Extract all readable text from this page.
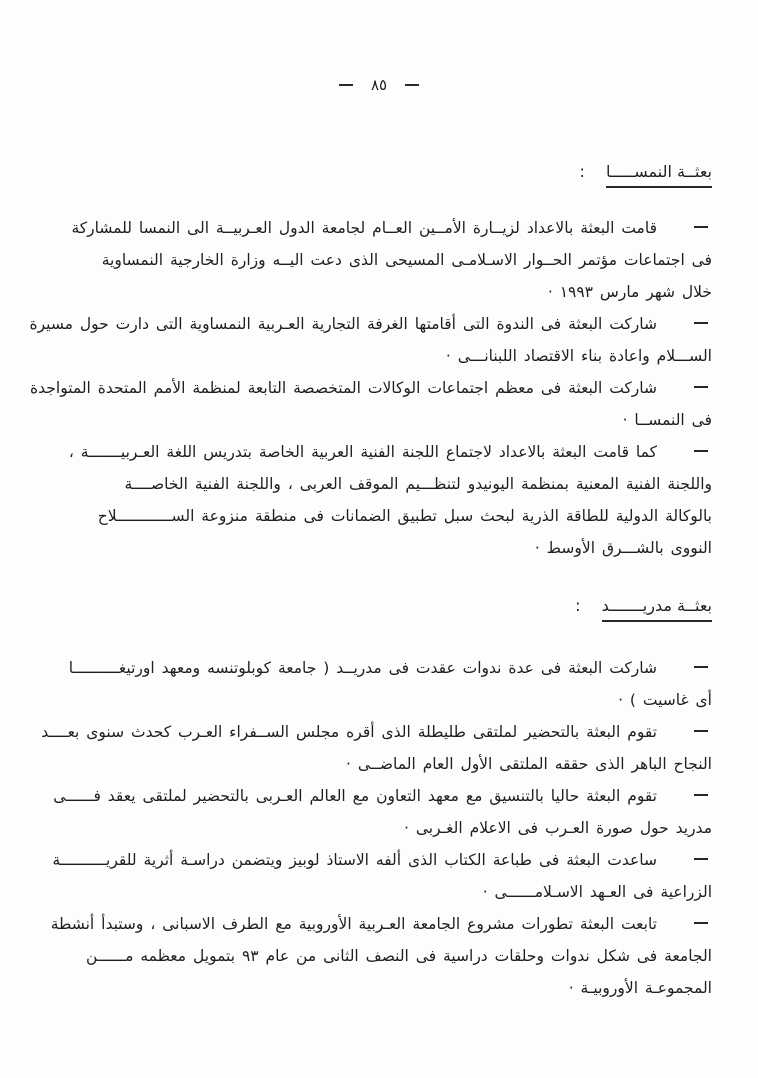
٨٥
بعثــة النمســـــا :
قامت البعثة بالاعداد لزيــارة الأمــين العــام لجامعة الدول العـربيــة الى النمسا للمشاركة
فى اجتماعات مؤتمر الحــوار الاسـلامـى المسيحى الذى دعت اليــه وزارة الخارجية النمساوية
خلال شهر مارس ١٩٩٣ ·
شاركت البعثة فى الندوة التى أقامتها الغرفة التجارية العـربية النمساوية التى دارت حول مسيرة
الســـلام واعادة بناء الاقتصاد اللبنانـــى ·
شاركت البعثة فى معظم اجتماعات الوكالات المتخصصة التابعة لمنظمة الأمم المتحدة المتواجدة
فى النمســا ·
كما قامت البعثة بالاعداد لاجتماع اللجنة الفنية العربية الخاصة بتدريس اللغة العـربيـــــــة ،
واللجنة الفنية المعنية بمنظمة اليونيدو لتنظـــيم الموقف العربى ، واللجنة الفنية الخاصــــة
بالوكالة الدولية للطاقة الذرية لبحث سبل تطبيق الضمانات فى منطقة منزوعة الســــــــــــلاح
النووى بالشـــرق الأوسط ·
بعثــة مدريـــــــد :
شاركت البعثة فى عدة ندوات عقدت فى مدريــد ( جامعة كوبلوتنسه ومعهد اورتيغــــــــــا
أى غاسيت ) ·
تقوم البعثة بالتحضير لملتقى طليطلة الذى أقره مجلس الســفراء العـرب كحدث سنوى بعــــد
النجاح الباهر الذى حققه الملتقى الأول العام الماضــى ·
تقوم البعثة حاليا بالتنسيق مع معهد التعاون مع العالم العـربى بالتحضير لملتقى يعقد فــــــى
مدريد حول صورة العـرب فى الاعلام الغـربى ·
ساعدت البعثة فى طباعة الكتاب الذى ألفه الاستاذ لوبيز ويتضمن دراسـة أثرية للقريــــــــــة
الزراعية فى العـهد الاسـلامــــــى ·
تابعت البعثة تطورات مشروع الجامعة العـربية الأوروبية مع الطرف الاسبانى ، وستبدأ أنشطة
الجامعة فى شكل ندوات وحلقات دراسية فى النصف الثانى من عام ٩٣ بتمويل معظمه مــــــن
المجموعـة الأوروبيـة ·
